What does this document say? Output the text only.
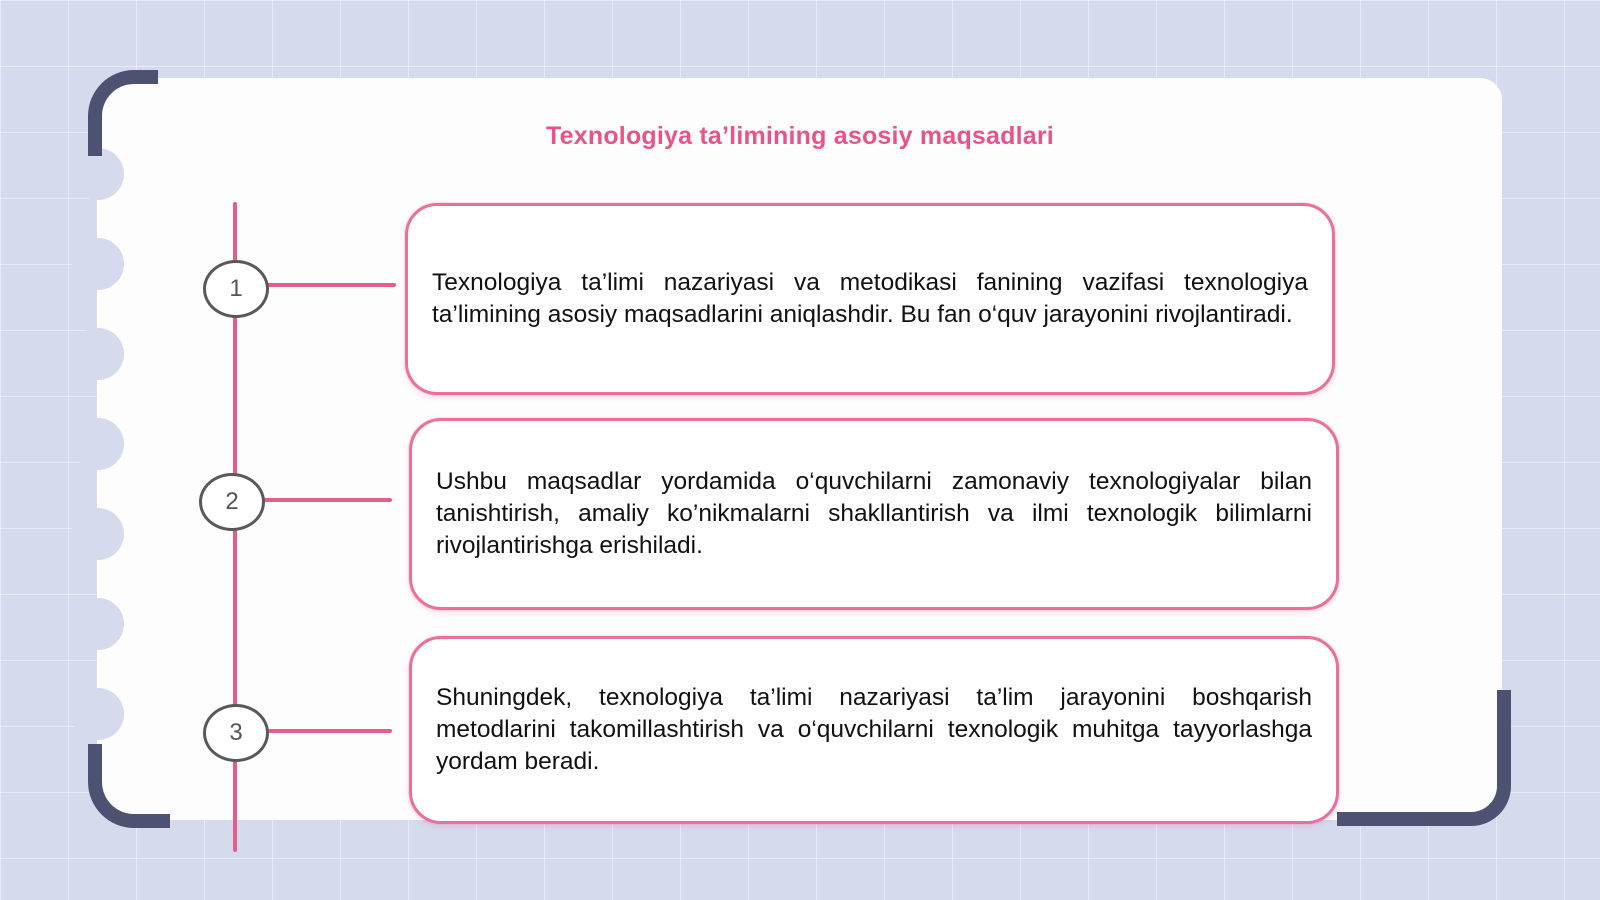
Texnologiya ta’limining asosiy maqsadlari
1
2
3

Texnologiya ta’limi nazariyasi va metodikasi fanining vazifasi texnologiya ta’limining asosiy maqsadlarini aniqlashdir. Bu fan o‘quv jarayonini rivojlantiradi.

Ushbu maqsadlar yordamida o‘quvchilarni zamonaviy texnologiyalar bilan tanishtirish, amaliy ko’nikmalarni shakllantirish va ilmi texnologik bilimlarni rivojlantirishga erishiladi.

Shuningdek, texnologiya ta’limi nazariyasi ta’lim jarayonini boshqarish metodlarini takomillashtirish va o‘quvchilarni texnologik muhitga tayyorlashga yordam beradi.
